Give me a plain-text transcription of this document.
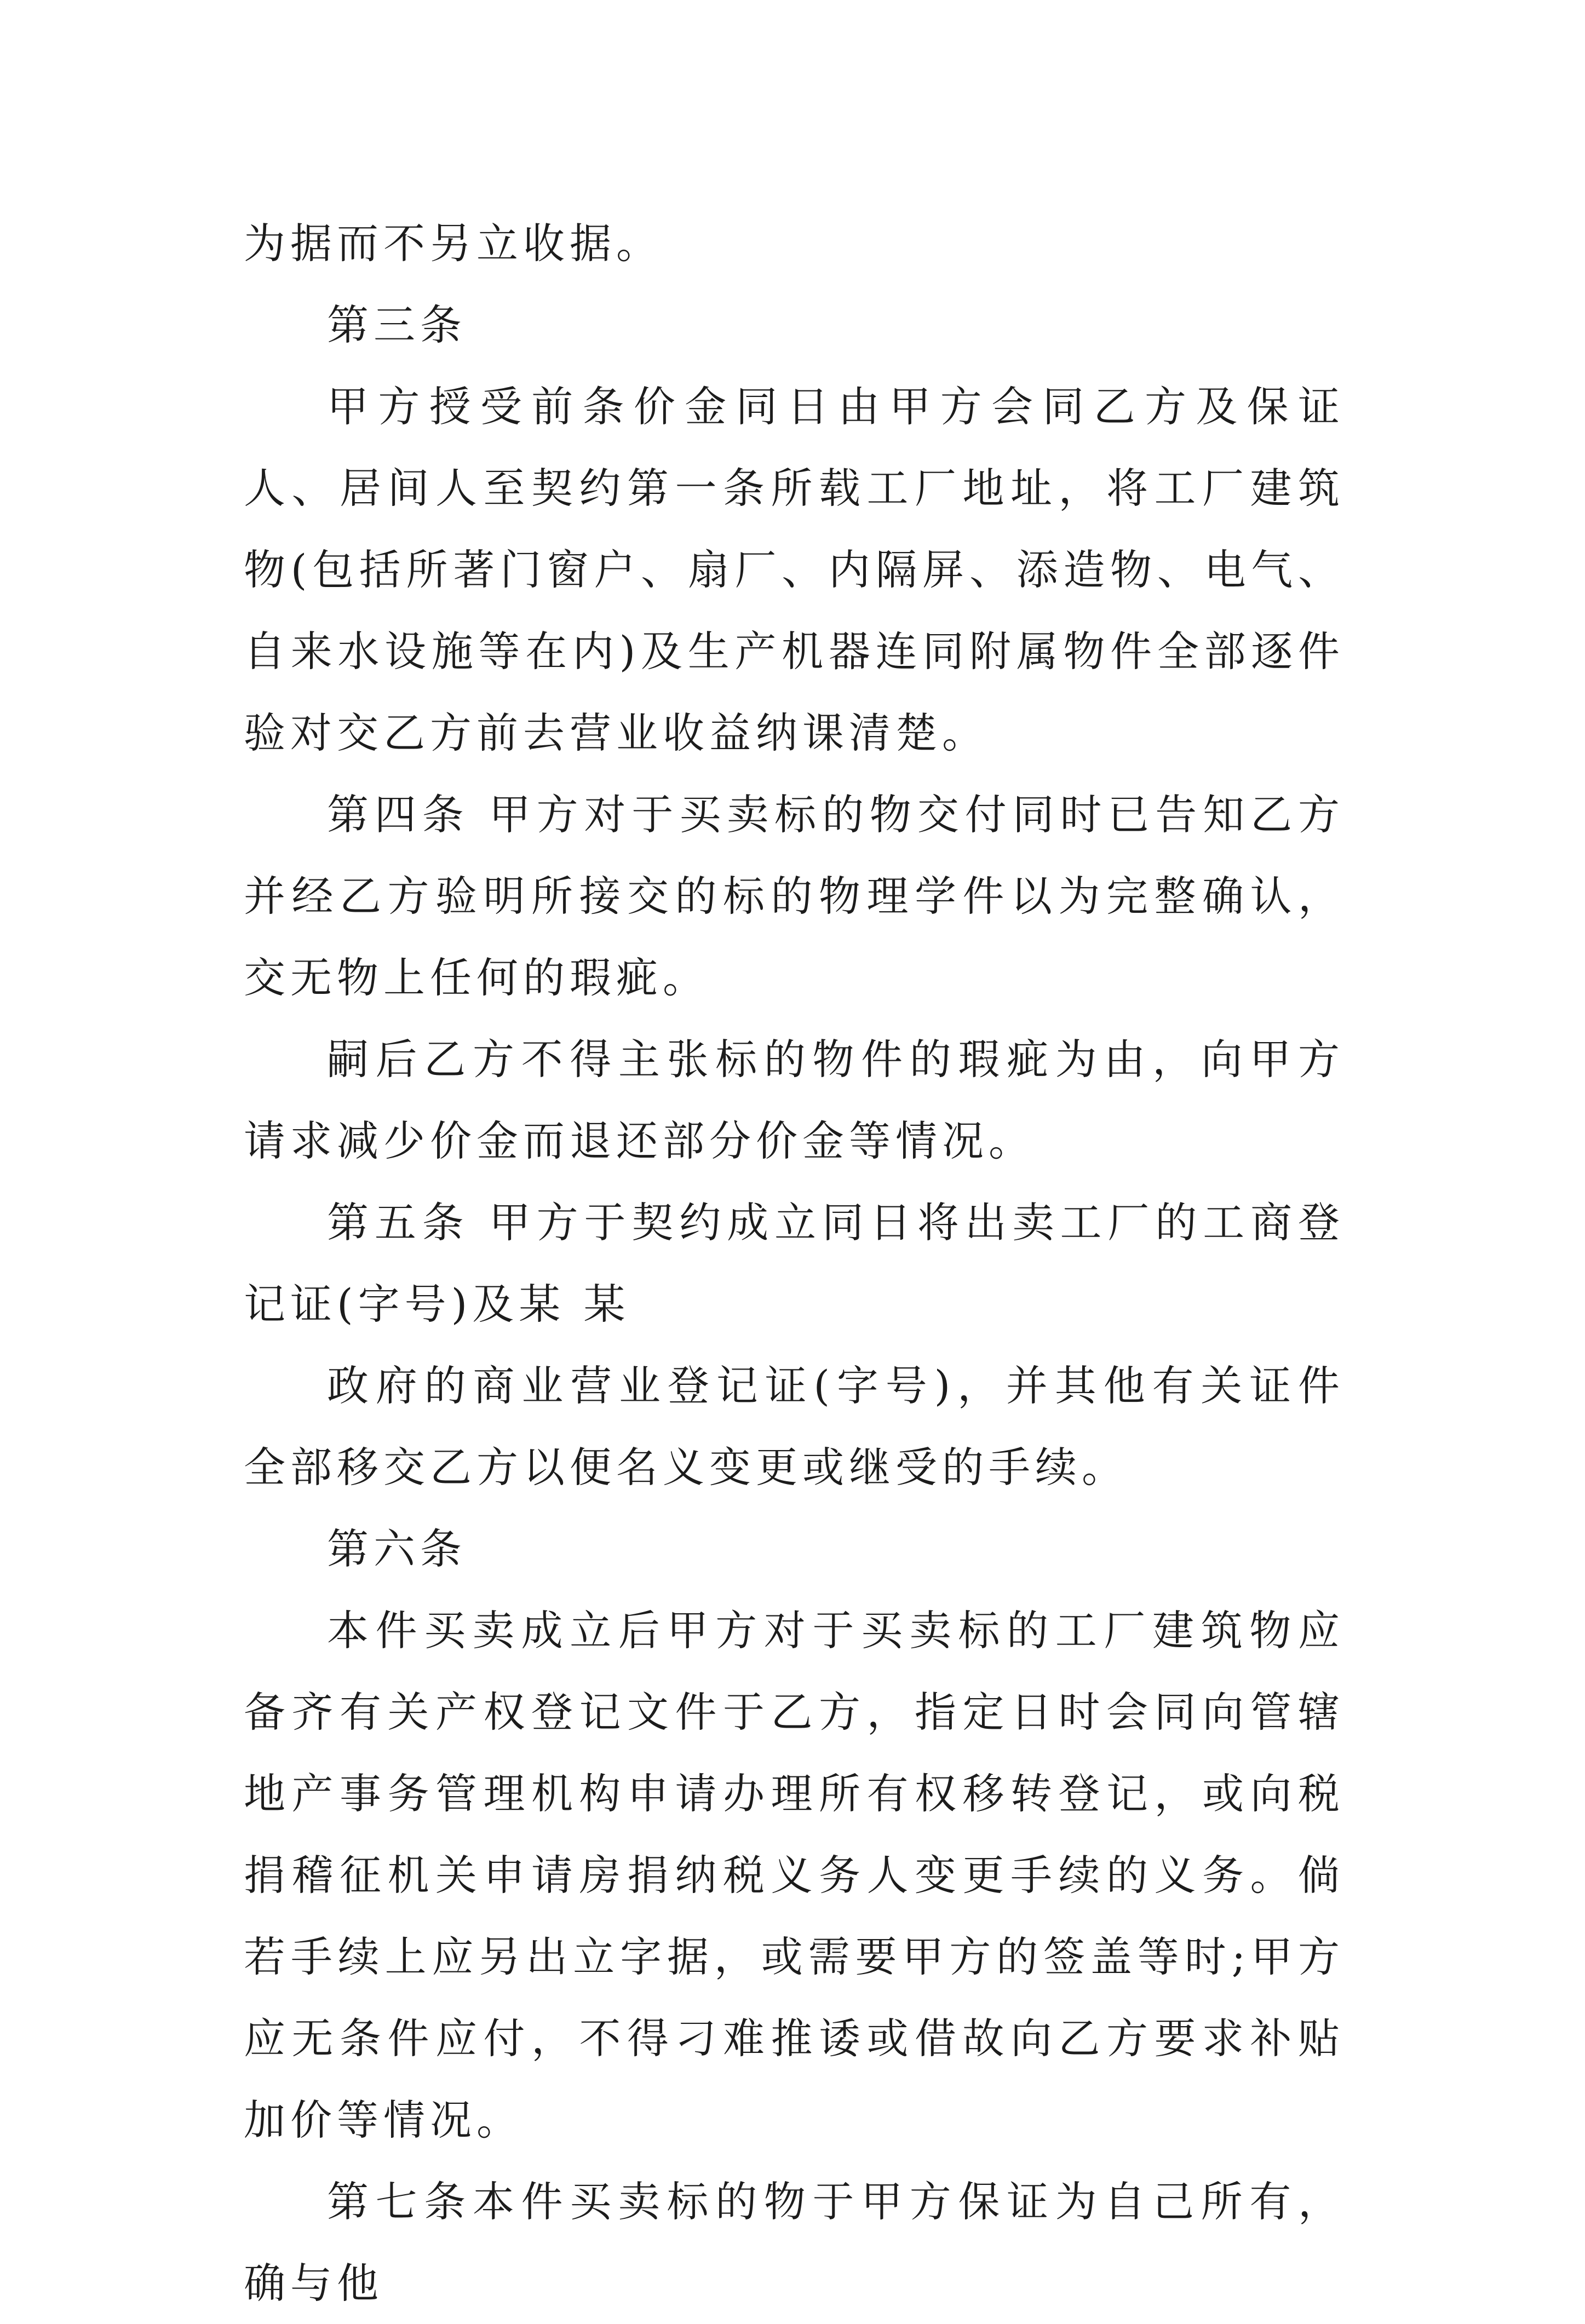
为据而不另立收据。

第三条

甲方授受前条价金同日由甲方会同乙方及保证人、居间人至契约第一条所载工厂地址，将工厂建筑物(包括所著门窗户、扇厂、内隔屏、添造物、电气、自来水设施等在内)及生产机器连同附属物件全部逐件验对交乙方前去营业收益纳课清楚。

第四条 甲方对于买卖标的物交付同时已告知乙方并经乙方验明所接交的标的物理学件以为完整确认，交无物上任何的瑕疵。

嗣后乙方不得主张标的物件的瑕疵为由，向甲方请求减少价金而退还部分价金等情况。

第五条 甲方于契约成立同日将出卖工厂的工商登记证(字号)及某 某

政府的商业营业登记证(字号)，并其他有关证件全部移交乙方以便名义变更或继受的手续。

第六条

本件买卖成立后甲方对于买卖标的工厂建筑物应备齐有关产权登记文件于乙方，指定日时会同向管辖地产事务管理机构申请办理所有权移转登记，或向税捐稽征机关申请房捐纳税义务人变更手续的义务。倘若手续上应另出立字据，或需要甲方的签盖等时;甲方应无条件应付，不得刁难推诿或借故向乙方要求补贴加价等情况。

第七条本件买卖标的物于甲方保证为自己所有，确与他
